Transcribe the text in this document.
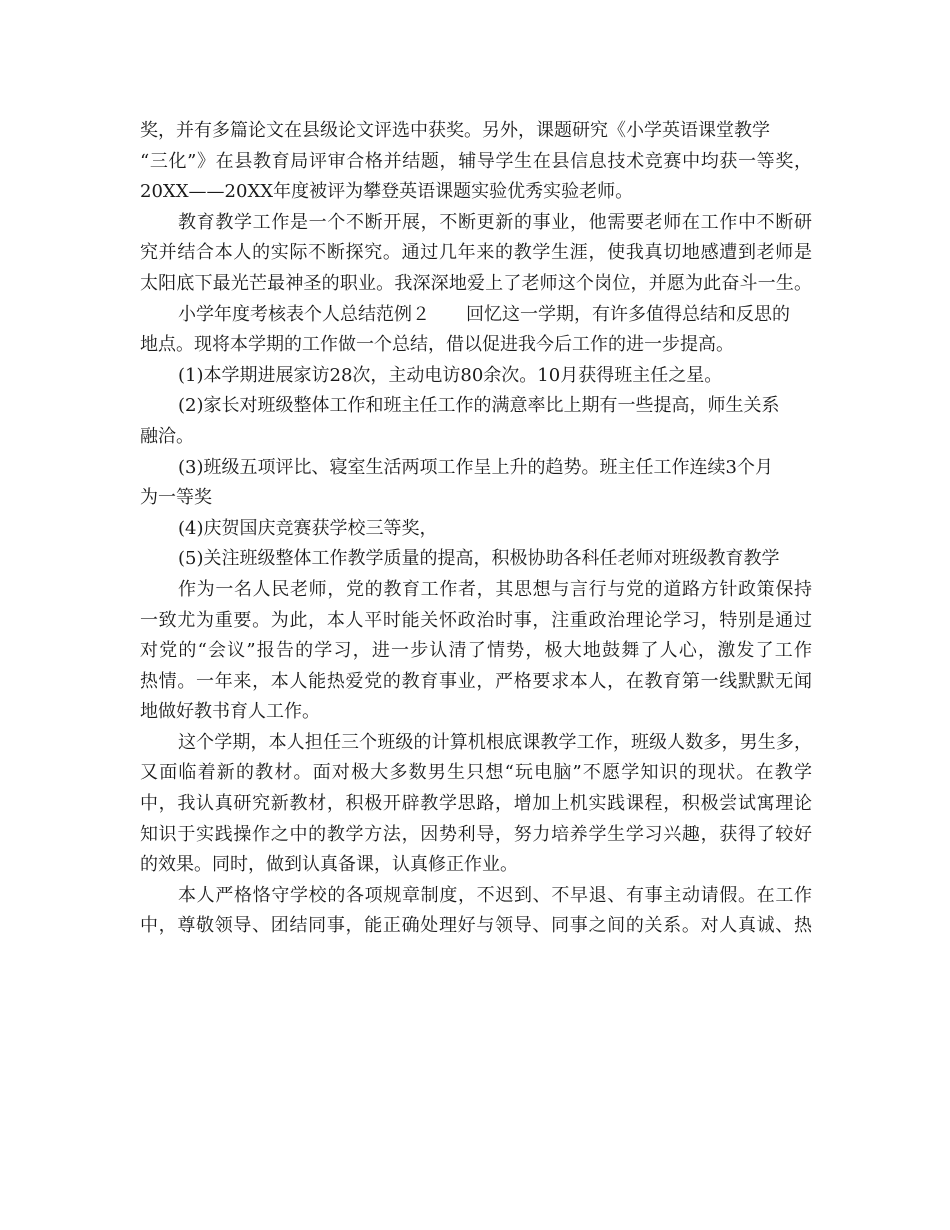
奖，并有多篇论文在县级论文评选中获奖。另外，课题研究《小学英语课堂教学
“三化”》在县教育局评审合格并结题，辅导学生在县信息技术竞赛中均获一等奖，
20XX——20XX年度被评为攀登英语课题实验优秀实验老师。
教育教学工作是一个不断开展，不断更新的事业，他需要老师在工作中不断研
究并结合本人的实际不断探究。通过几年来的教学生涯，使我真切地感遭到老师是
太阳底下最光芒最神圣的职业。我深深地爱上了老师这个岗位，并愿为此奋斗一生。
小学年度考核表个人总结范例２　　回忆这一学期，有许多值得总结和反思的
地点。现将本学期的工作做一个总结，借以促进我今后工作的进一步提高。
(1)本学期进展家访28次，主动电访80余次。10月获得班主任之星。
(2)家长对班级整体工作和班主任工作的满意率比上期有一些提高，师生关系
融洽。
(3)班级五项评比、寝室生活两项工作呈上升的趋势。班主任工作连续3个月
为一等奖
(4)庆贺国庆竞赛获学校三等奖，
(5)关注班级整体工作教学质量的提高，积极协助各科任老师对班级教育教学
作为一名人民老师，党的教育工作者，其思想与言行与党的道路方针政策保持
一致尤为重要。为此，本人平时能关怀政治时事，注重政治理论学习，特别是通过
对党的“会议”报告的学习，进一步认清了情势，极大地鼓舞了人心，激发了工作
热情。一年来，本人能热爱党的教育事业，严格要求本人，在教育第一线默默无闻
地做好教书育人工作。
这个学期，本人担任三个班级的计算机根底课教学工作，班级人数多，男生多，
又面临着新的教材。面对极大多数男生只想“玩电脑”不愿学知识的现状。在教学
中，我认真研究新教材，积极开辟教学思路，增加上机实践课程，积极尝试寓理论
知识于实践操作之中的教学方法，因势利导，努力培养学生学习兴趣，获得了较好
的效果。同时，做到认真备课，认真修正作业。
本人严格恪守学校的各项规章制度，不迟到、不早退、有事主动请假。在工作
中，尊敬领导、团结同事，能正确处理好与领导、同事之间的关系。对人真诚、热
